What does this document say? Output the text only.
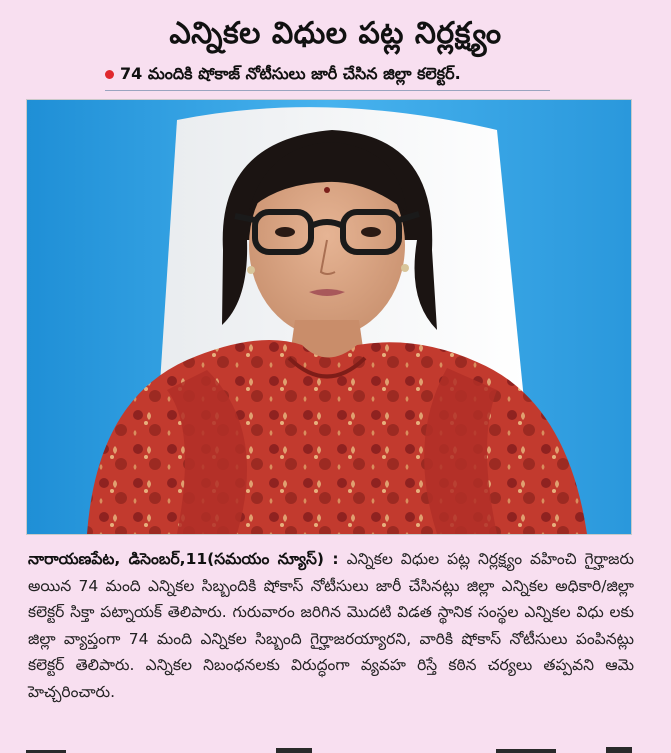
ఎన్నికల విధుల పట్ల నిర్లక్ష్యం
74 మందికి షోకాజ్ నోటీసులు జారీ చేసిన జిల్లా కలెక్టర్.
నారాయణపేట, డిసెంబర్,11(సమయం న్యూస్) : ఎన్నికల విధుల పట్ల నిర్లక్ష్యం వహించి గైర్హాజరు అయిన 74 మంది ఎన్నికల సిబ్బందికి షోకాస్ నోటీసులు జారీ చేసినట్లు జిల్లా ఎన్నికల అధికారి/జిల్లా కలెక్టర్ సిక్తా పట్నాయక్ తెలిపారు. గురువారం జరిగిన మొదటి విడత స్థానిక సంస్థల ఎన్నికల విధు లకు జిల్లా వ్యాప్తంగా 74 మంది ఎన్నికల సిబ్బంది గైర్హాజరయ్యారని, వారికి షోకాస్ నోటీసులు పంపినట్లు కలెక్టర్ తెలిపారు. ఎన్నికల నిబంధనలకు విరుద్ధంగా వ్యవహ రిస్తే కఠిన చర్యలు తప్పవని ఆమె హెచ్చరించారు.
